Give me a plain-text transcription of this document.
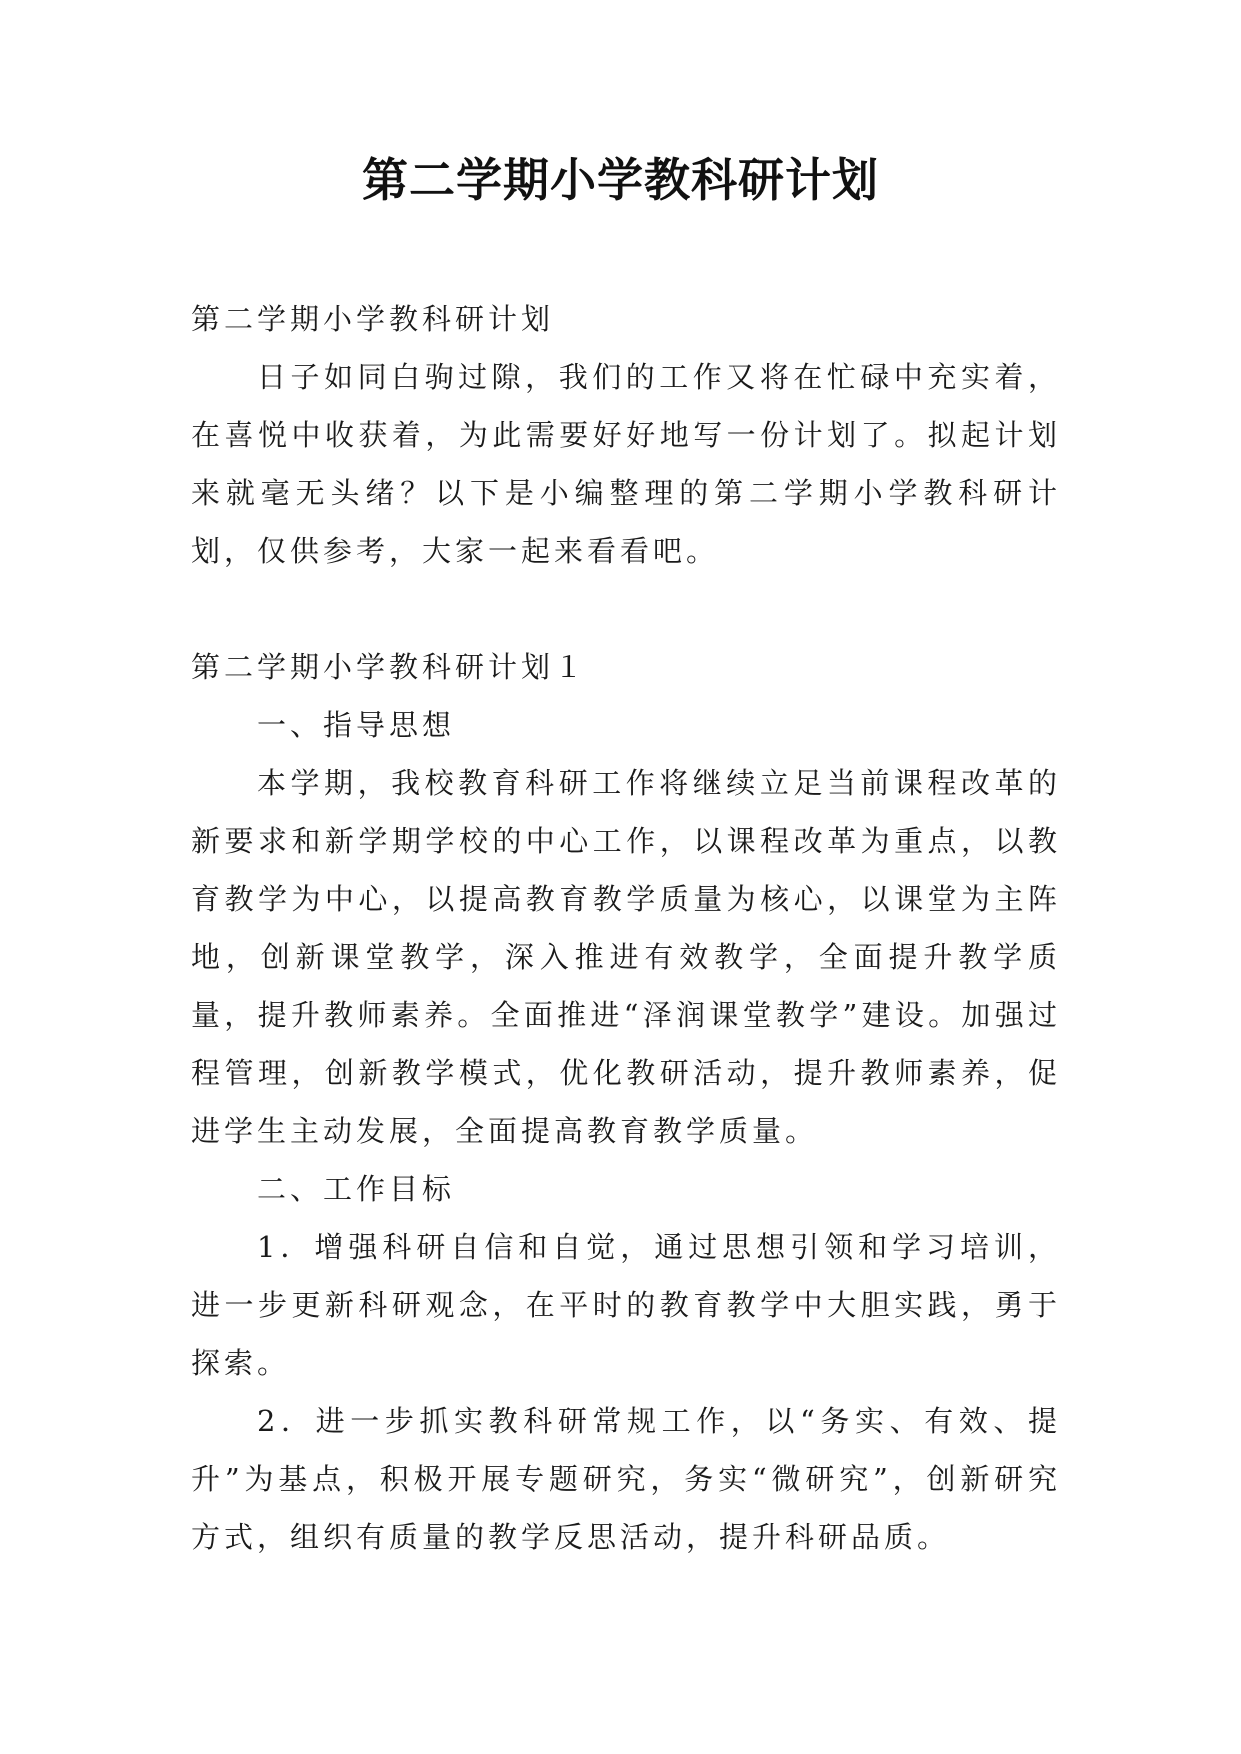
第二学期小学教科研计划

第二学期小学教科研计划

日子如同白驹过隙，我们的工作又将在忙碌中充实着，在喜悦中收获着，为此需要好好地写一份计划了。拟起计划来就毫无头绪？以下是小编整理的第二学期小学教科研计划，仅供参考，大家一起来看看吧。

第二学期小学教科研计划１

一、指导思想

本学期，我校教育科研工作将继续立足当前课程改革的新要求和新学期学校的中心工作，以课程改革为重点，以教育教学为中心，以提高教育教学质量为核心，以课堂为主阵地，创新课堂教学，深入推进有效教学，全面提升教学质量，提升教师素养。全面推进“泽润课堂教学”建设。加强过程管理，创新教学模式，优化教研活动，提升教师素养，促进学生主动发展，全面提高教育教学质量。

二、工作目标

1．增强科研自信和自觉，通过思想引领和学习培训，进一步更新科研观念，在平时的教育教学中大胆实践，勇于探索。

2．进一步抓实教科研常规工作，以“务实、有效、提升”为基点，积极开展专题研究，务实“微研究”，创新研究方式，组织有质量的教学反思活动，提升科研品质。
